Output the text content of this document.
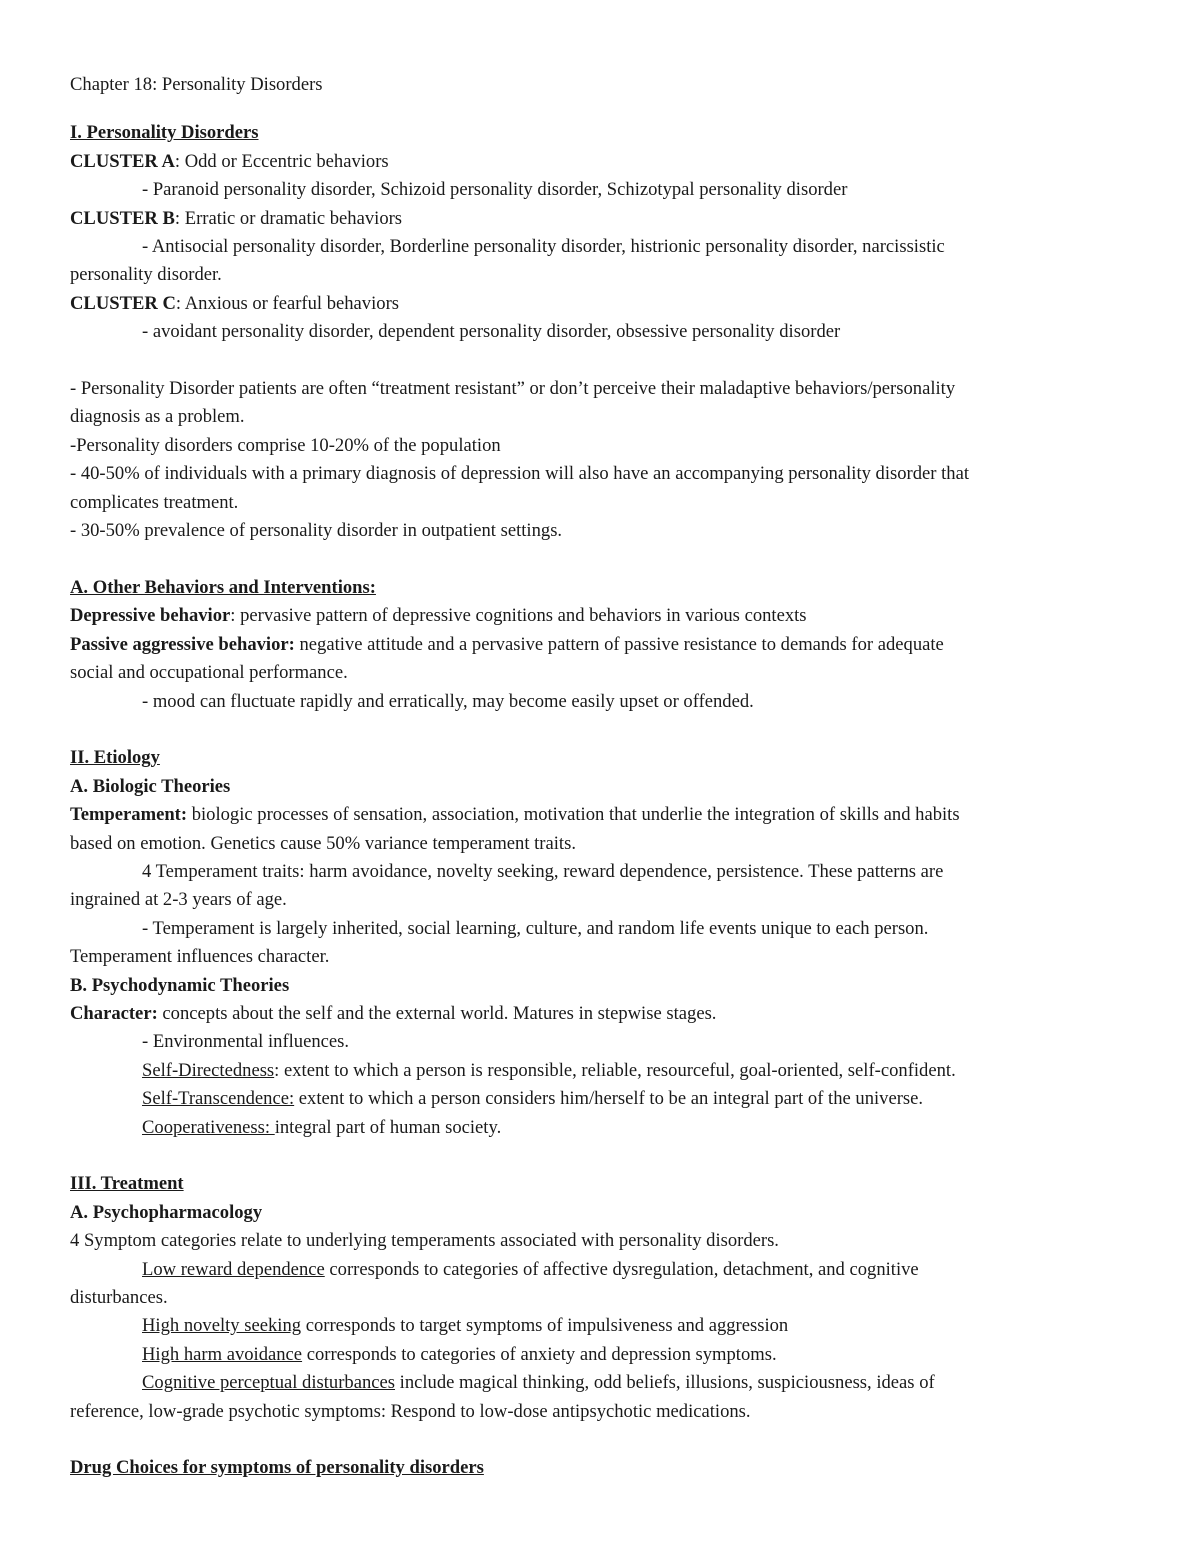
Chapter 18: Personality Disorders
I. Personality Disorders
CLUSTER A: Odd or Eccentric behaviors
- Paranoid personality disorder, Schizoid personality disorder, Schizotypal personality disorder
CLUSTER B: Erratic or dramatic behaviors
- Antisocial personality disorder, Borderline personality disorder, histrionic personality disorder, narcissistic
personality disorder.
CLUSTER C: Anxious or fearful behaviors
- avoidant personality disorder, dependent personality disorder, obsessive personality disorder
- Personality Disorder patients are often “treatment resistant” or don’t perceive their maladaptive behaviors/personality
diagnosis as a problem.
-Personality disorders comprise 10-20% of the population
- 40-50% of individuals with a primary diagnosis of depression will also have an accompanying personality disorder that
complicates treatment.
- 30-50% prevalence of personality disorder in outpatient settings.
A. Other Behaviors and Interventions:
Depressive behavior: pervasive pattern of depressive cognitions and behaviors in various contexts
Passive aggressive behavior: negative attitude and a pervasive pattern of passive resistance to demands for adequate
social and occupational performance.
- mood can fluctuate rapidly and erratically, may become easily upset or offended.
II. Etiology
A. Biologic Theories
Temperament: biologic processes of sensation, association, motivation that underlie the integration of skills and habits
based on emotion. Genetics cause 50% variance temperament traits.
4 Temperament traits: harm avoidance, novelty seeking, reward dependence, persistence. These patterns are
ingrained at 2-3 years of age.
- Temperament is largely inherited, social learning, culture, and random life events unique to each person.
Temperament influences character.
B. Psychodynamic Theories
Character: concepts about the self and the external world. Matures in stepwise stages.
- Environmental influences.
Self-Directedness: extent to which a person is responsible, reliable, resourceful, goal-oriented, self-confident.
Self-Transcendence: extent to which a person considers him/herself to be an integral part of the universe.
Cooperativeness: integral part of human society.
III. Treatment
A. Psychopharmacology
4 Symptom categories relate to underlying temperaments associated with personality disorders.
Low reward dependence corresponds to categories of affective dysregulation, detachment, and cognitive
disturbances.
High novelty seeking corresponds to target symptoms of impulsiveness and aggression
High harm avoidance corresponds to categories of anxiety and depression symptoms.
Cognitive perceptual disturbances include magical thinking, odd beliefs, illusions, suspiciousness, ideas of
reference, low-grade psychotic symptoms: Respond to low-dose antipsychotic medications.
Drug Choices for symptoms of personality disorders
